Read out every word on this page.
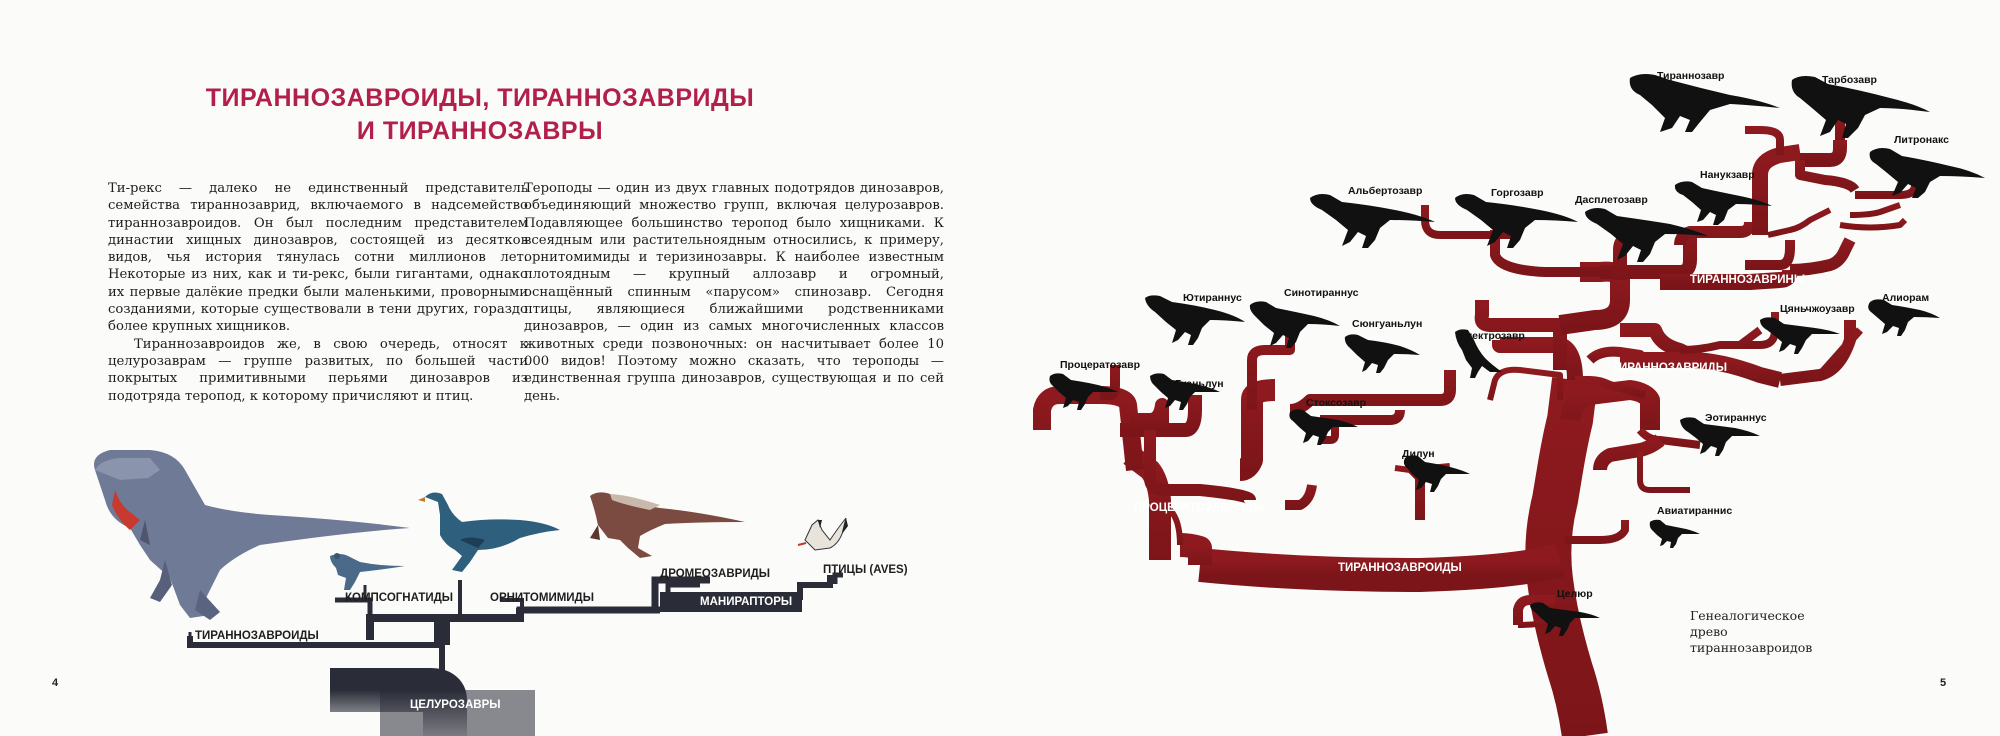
ТИРАННОЗАВРОИДЫ, ТИРАННОЗАВРИДЫ
И ТИРАННОЗАВРЫ

Ти-рекс — далеко не единственный представитель семейства тираннозаврид, включаемого в надсемейство тираннозавроидов. Он был последним представителем династии хищных динозавров, состоящей из десятков видов, чья история тянулась сотни миллионов лет. Некоторые из них, как и ти-рекс, были гигантами, однако их первые далёкие предки были маленькими, проворными созданиями, которые существовали в тени других, гораздо более крупных хищников.

Тираннозавроидов же, в свою очередь, относят к целурозаврам — группе развитых, по большей части покрытых примитивными перьями динозавров из подотряда теропод, к которому причисляют и птиц.

Тероподы — один из двух главных подотрядов динозавров, объединяющий множество групп, включая целурозавров. Подавляющее большинство теропод было хищниками. К всеядным или растительноядным относились, к примеру, орнитомимиды и теризинозавры. К наиболее известным плотоядным — крупный аллозавр и огромный, оснащённый спинным «парусом» спинозавр. Сегодня птицы, являющиеся ближайшими родственниками динозавров, — один из самых многочисленных классов животных среди позвоночных: он насчитывает более 10 000 видов! Поэтому можно сказать, что тероподы — единственная группа динозавров, существующая и по сей день.

4	5
ЦЕЛУРОЗАВРЫ
ТИРАННОЗАВРОИДЫ
КОМПСОГНАТИДЫ	ОРНИТОМИМИДЫ	МАНИРАПТОРЫ
ДРОМЕОЗАВРИДЫ	ПТИЦЫ (AVES)	ТИРАННОЗАВРОИДЫ
ПРОЦЕРАТОЗАВРИДЫ
ТИРАННОЗАВРИДЫ
ТИРАННОЗАВРИНЫ
Тираннозавр	Тарбозавр
Литронакс
Нанукзавр
Альбертозавр	Горгозавр
Дасплетозавр
Ютираннус	Синотираннус
Сюнгуаньлун
Алектрозавр
Цяньчжоузавр
Алиорам
Процератозавр
Гуаньлун
Стоксозавр
Эотираннус
Дилун
Авиатираннис
Целюр
Генеалогическое древо
тираннозавроидов
